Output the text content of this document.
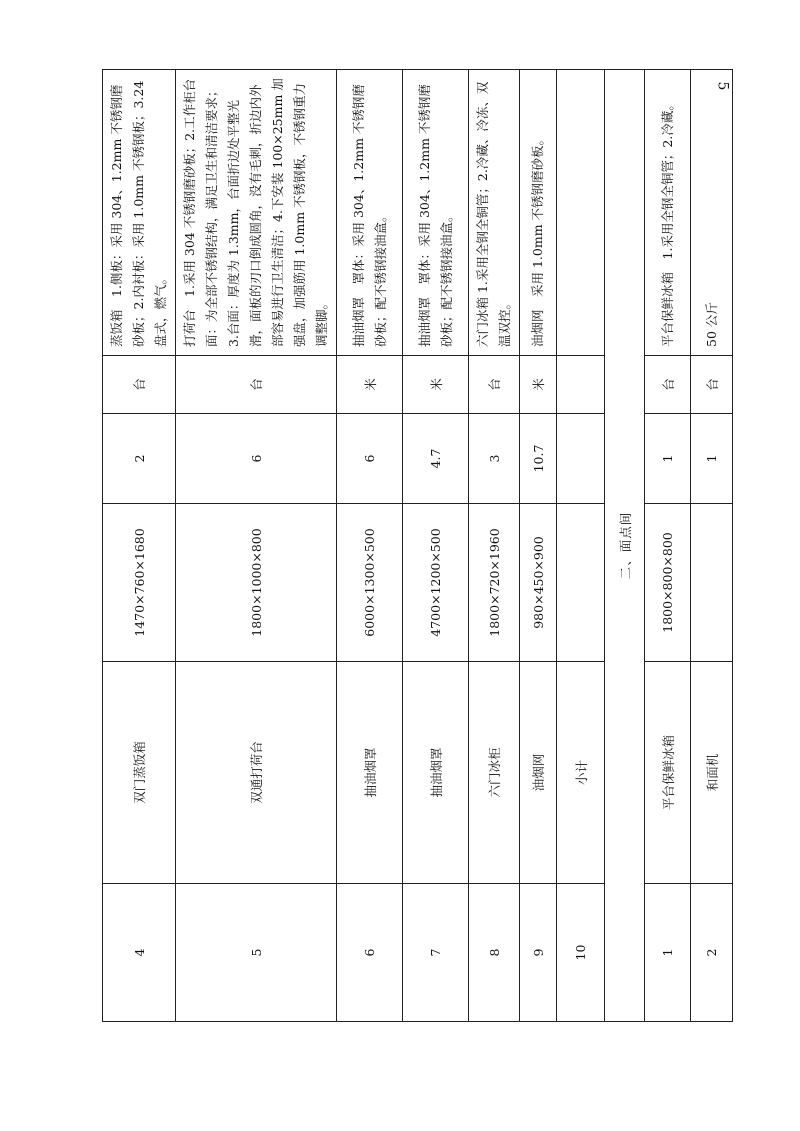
5
4	双门蒸饭箱	1470×760×1680	2	台	蒸饭箱　1.侧板：采用 304、1.2mm 不锈钢磨砂板；2.内衬板：采用 1.0mm 不锈钢板；3.24 盘式，燃气。
5	双通打荷台	1800×1000×800	6	台	打荷台　1.采用 304 不锈钢磨砂板；2.工作柜台面：为全部不锈钢结构，满足卫生和清洁要求；3.台面：厚度为 1.3mm，台面折边处平整光滑，面板的刃口倒成圆角，没有毛刺，折边内外部容易进行卫生清洁；4.下安装 100×25mm 加强盘，加强筋用 1.0mm 不锈钢板，不锈钢重力调整脚。
6	抽油烟罩	6000×1300×500	6	米	抽油烟罩　罩体：采用 304、1.2mm 不锈钢磨砂板；配不锈钢接油盒。
7	抽油烟罩	4700×1200×500	4.7	米	抽油烟罩　罩体：采用 304、1.2mm 不锈钢磨砂板；配不锈钢接油盒。
8	六门冰柜	1800×720×1960	3	台	六门冰箱 1.采用全钢全铜管；2.冷藏、冷冻、双温双控。
9	油烟网	980×450×900	10.7	米	油烟网　采用 1.0mm 不锈钢磨砂板。
10	小计				
二、面点间					
1	平台保鲜冰箱	1800×800×800	1	台	平台保鲜冰箱　1.采用全钢全铜管；2.冷藏。
2	和面机		1	台	50 公斤
